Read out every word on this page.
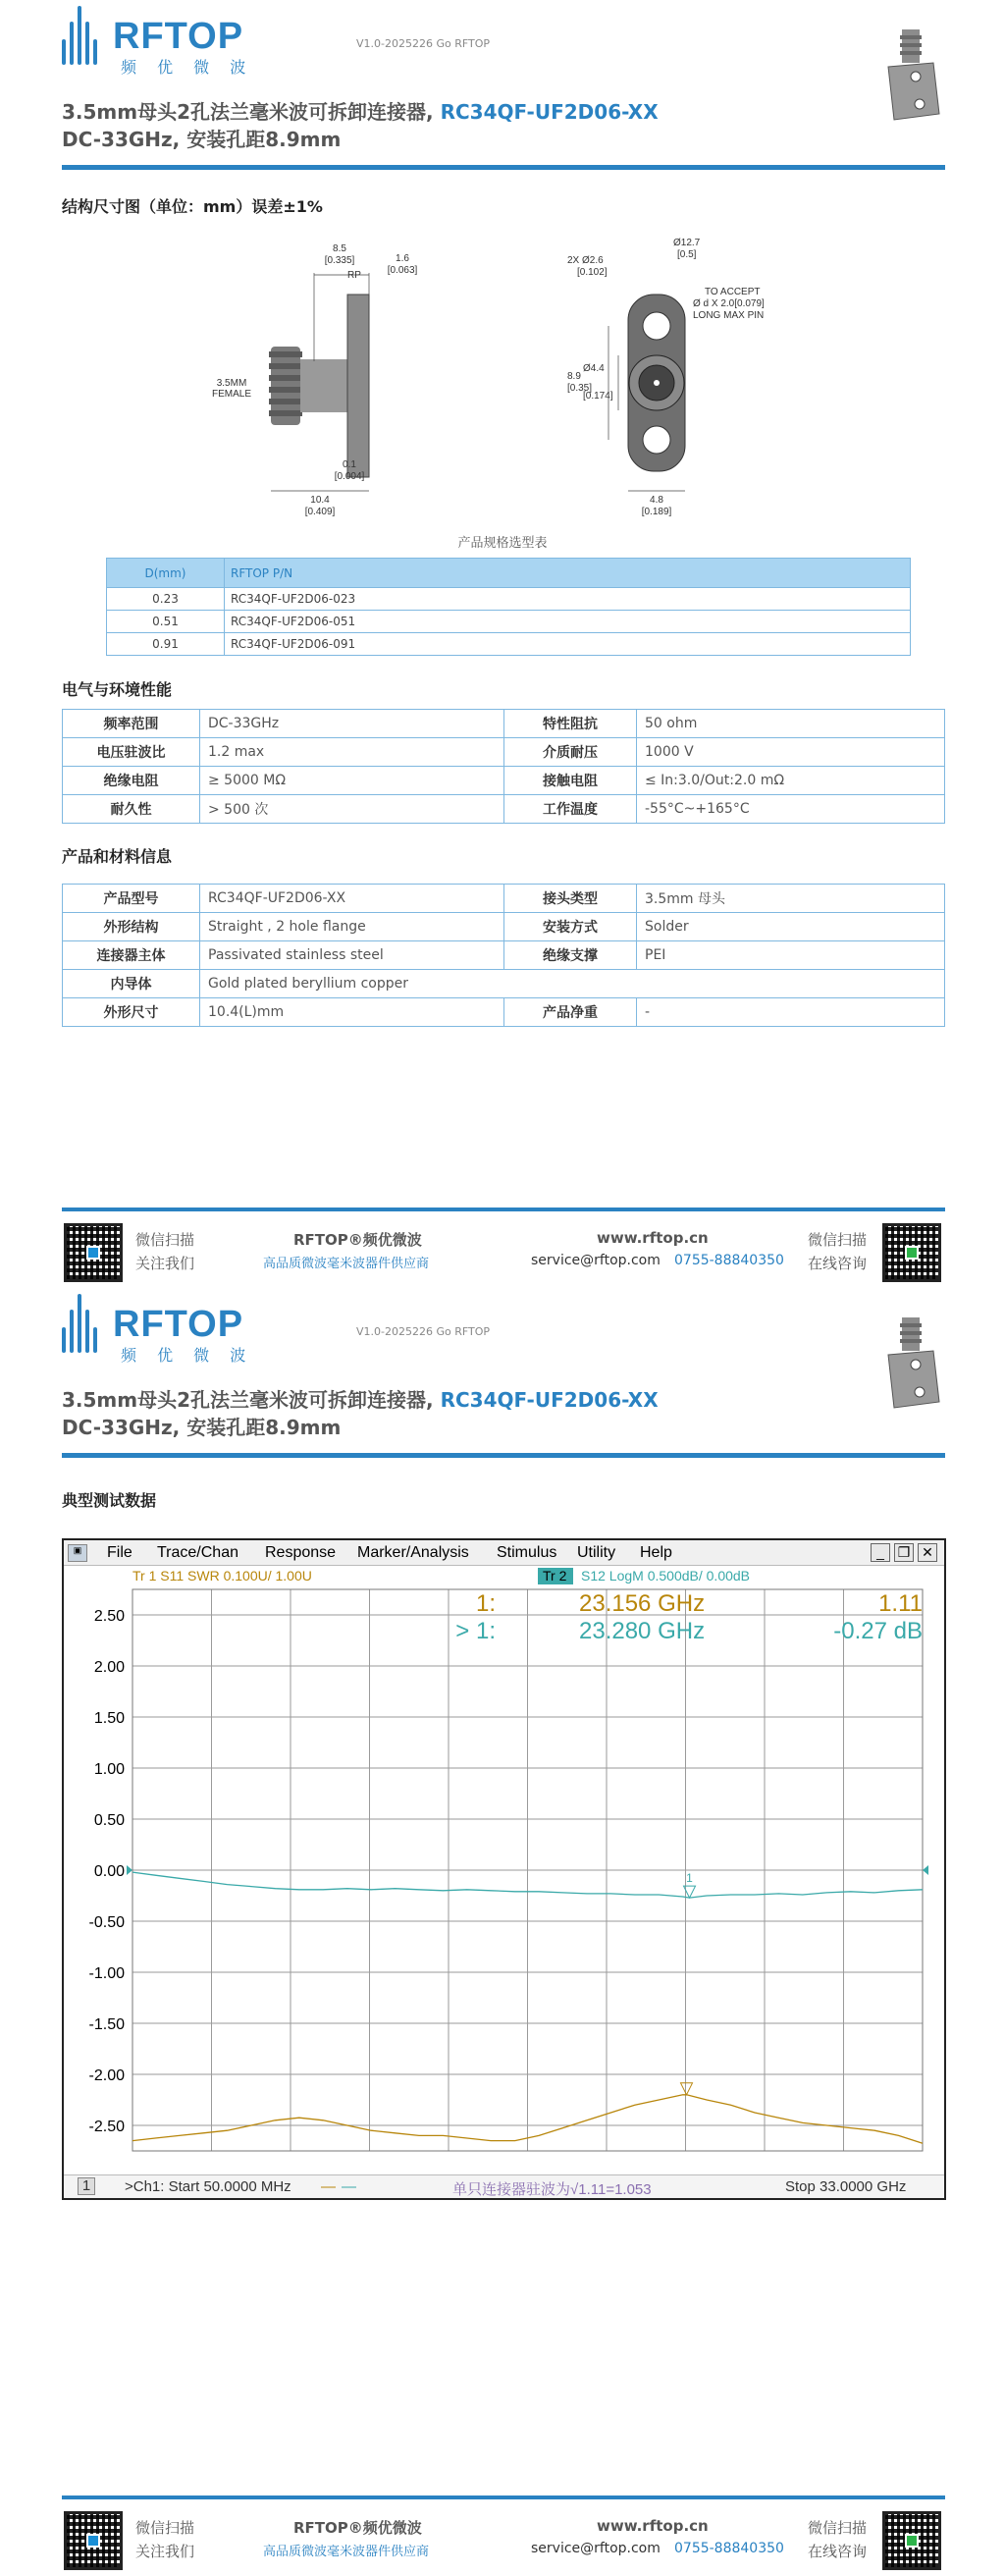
RFTOP
频 优 微 波
V1.0-2025226 Go RFTOP
3.5mm母头2孔法兰毫米波可拆卸连接器, RC34QF-UF2D06-XX
DC-33GHz, 安装孔距8.9mm
结构尺寸图（单位：mm）误差±1%
8.5
[0.335]
RP
1.6
[0.063]
3.5MM
FEMALE
0.1
[0.004]
10.4
[0.409]
2X Ø2.6
[0.102]
Ø12.7
[0.5]
TO ACCEPT
Ø d X 2.0[0.079]
LONG MAX PIN
8.9
[0.35]
Ø4.4
[0.174]
4.8
[0.189]
产品规格选型表
D(mm)	RFTOP P/N
0.23	RC34QF-UF2D06-023
0.51	RC34QF-UF2D06-051
0.91	RC34QF-UF2D06-091
电气与环境性能
频率范围	DC-33GHz	特性阻抗	50 ohm
电压驻波比	1.2 max	介质耐压	1000 V
绝缘电阻	≥ 5000 MΩ	接触电阻	≤ In:3.0/Out:2.0 mΩ
耐久性	> 500 次	工作温度	-55°C~+165°C
产品和材料信息
产品型号	RC34QF-UF2D06-XX	接头类型	3.5mm 母头
外形结构	Straight , 2 hole flange	安装方式	Solder
连接器主体	Passivated stainless steel	绝缘支撑	PEI
内导体	Gold plated beryllium copper		
外形尺寸	10.4(L)mm	产品净重	-
微信扫描
关注我们
RFTOP®频优微波
高品质微波毫米波器件供应商
www.rftop.cn
service@rftop.com 0755-88840350
微信扫描
在线咨询
RFTOP
频 优 微 波
V1.0-2025226 Go RFTOP
3.5mm母头2孔法兰毫米波可拆卸连接器, RC34QF-UF2D06-XX
DC-33GHz, 安装孔距8.9mm
典型测试数据
微信扫描
关注我们
RFTOP®频优微波
高品质微波毫米波器件供应商
www.rftop.cn
service@rftop.com 0755-88840350
微信扫描
在线咨询
▣	File Trace/Chan Response Marker/Analysis Stimulus Utility Help	_ ❐ ✕
Tr 1 S11 SWR 0.100U/ 1.00U	Tr 2 S12 LogM 0.500dB/ 0.00dB
2.50
2.00
1.50
1.00
0.50
0.00
-0.50
-1.00
-1.50
-2.00
-2.50
1
1:	23.156 GHz	1.11
> 1:	23.280 GHz	-0.27 dB
1	>Ch1: Start 50.0000 MHz — —	单只连接器驻波为√1.11=1.053	Stop 33.0000 GHz
